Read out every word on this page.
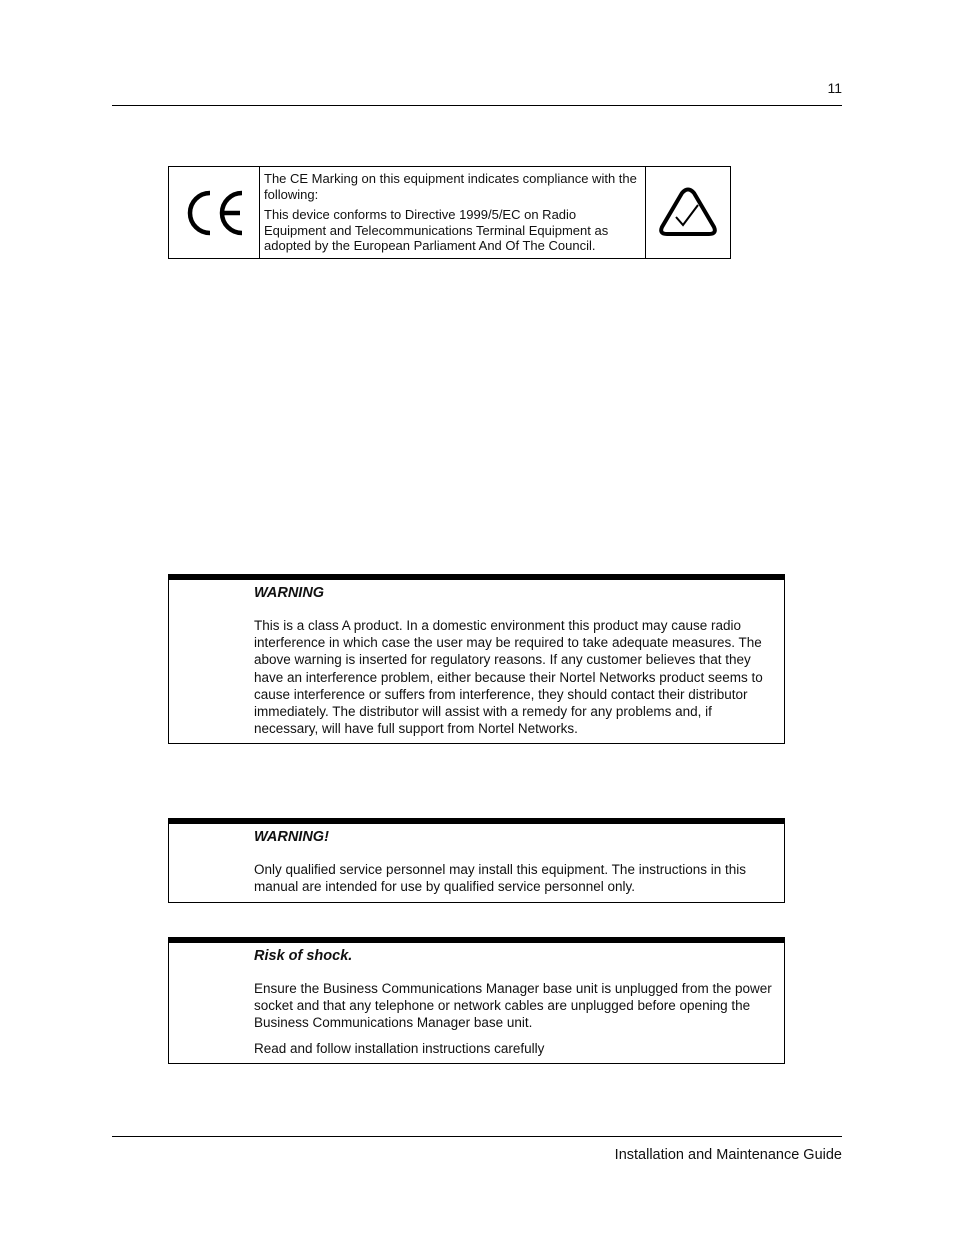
11

The CE Marking on this equipment indicates compliance with the following:

This device conforms to Directive 1999/5/EC on Radio Equipment and Telecommunications Terminal Equipment as adopted by the European Parliament And Of The Council.

WARNING

This is a class A product. In a domestic environment this product may cause radio interference in which case the user may be required to take adequate measures. The above warning is inserted for regulatory reasons. If any customer believes that they have an interference problem, either because their Nortel Networks product seems to cause interference or suffers from interference, they should contact their distributor immediately. The distributor will assist with a remedy for any problems and, if necessary, will have full support from Nortel Networks.

WARNING!

Only qualified service personnel may install this equipment. The instructions in this manual are intended for use by qualified service personnel only.

Risk of shock.

Ensure the Business Communications Manager base unit is unplugged from the power socket and that any telephone or network cables are unplugged before opening the Business Communications Manager base unit.

Read and follow installation instructions carefully

Installation and Maintenance Guide
